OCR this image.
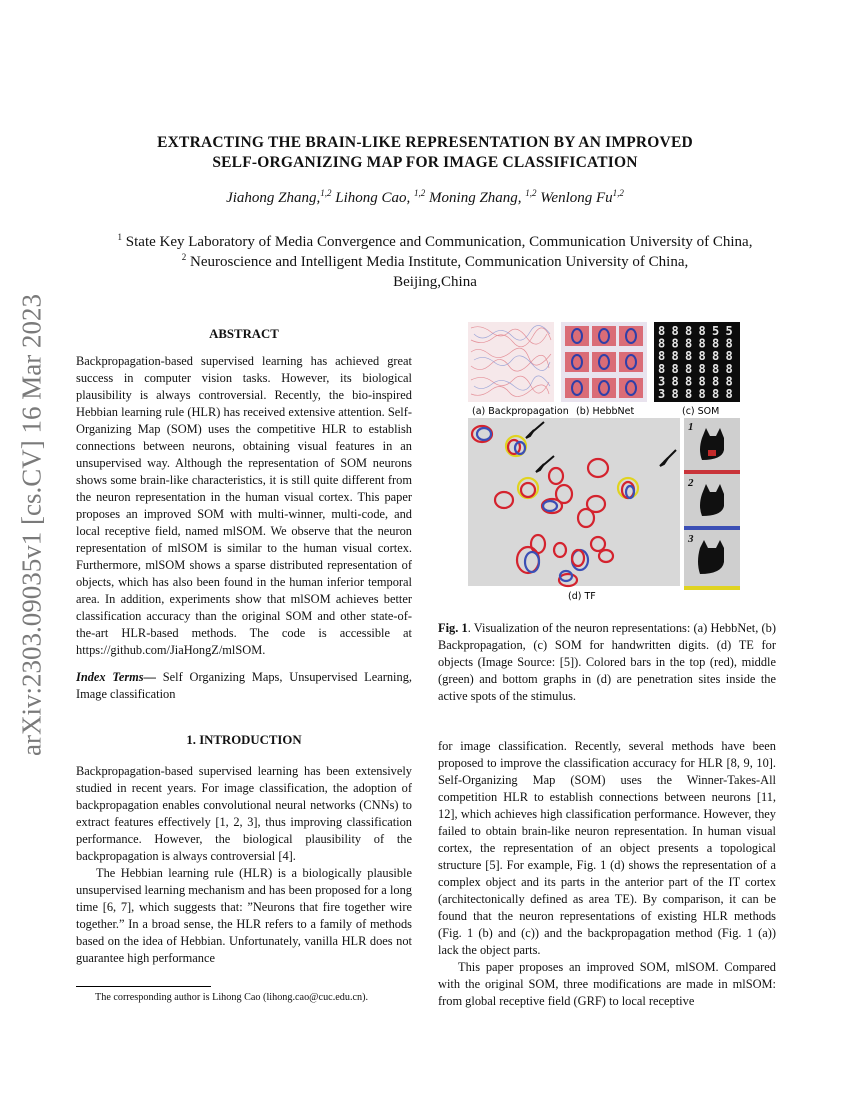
EXTRACTING THE BRAIN-LIKE REPRESENTATION BY AN IMPROVED
SELF-ORGANIZING MAP FOR IMAGE CLASSIFICATION
Jiahong Zhang,$^{1,2}$ Lihong Cao, $^{1,2}$ Moning Zhang, $^{1,2}$ Wenlong Fu$^{1,2}$
$^1$ State Key Laboratory of Media Convergence and Communication, Communication University of China,
$^2$ Neuroscience and Intelligent Media Institute, Communication University of China,
Beijing,China
arXiv:2303.09035v1 [cs.CV] 16 Mar 2023	ABSTRACT

Backpropagation-based supervised learning has achieved great success in computer vision tasks. However, its biological plausibility is always controversial. Recently, the bio-inspired Hebbian learning rule (HLR) has received extensive attention. Self-Organizing Map (SOM) uses the competitive HLR to establish connections between neurons, obtaining visual features in an unsupervised way. Although the representation of SOM neurons shows some brain-like characteristics, it is still quite different from the neuron representation in the human visual cortex. This paper proposes an improved SOM with multi-winner, multi-code, and local receptive field, named mlSOM. We observe that the neuron representation of mlSOM is similar to the human visual cortex. Furthermore, mlSOM shows a sparse distributed representation of objects, which has also been found in the human inferior temporal area. In addition, experiments show that mlSOM achieves better classification accuracy than the original SOM and other state-of-the-art HLR-based methods. The code is accessible at https://github.com/JiaHongZ/mlSOM.

Index Terms— Self Organizing Maps, Unsupervised Learning, Image classification

1. INTRODUCTION

Backpropagation-based supervised learning has been extensively studied in recent years. For image classification, the adoption of backpropagation enables convolutional neural networks (CNNs) to extract features effectively [1, 2, 3], thus improving classification performance. However, the biological plausibility of the backpropagation is always controversial [4].

The Hebbian learning rule (HLR) is a biologically plausible unsupervised learning mechanism and has been proposed for a long time [6, 7], which suggests that: ”Neurons that fire together wire together.” In a broad sense, the HLR refers to a family of methods based on the idea of Hebbian. Unfortunately, vanilla HLR does not guarantee high performance

The corresponding author is Lihong Cao (lihong.cao@cuc.edu.cn).
8 8 8 8 5 5
8 8 8 8 8 8
8 8 8 8 8 8
8 8 8 8 8 8
3 8 8 8 8 8
3 8 8 8 8 8
(a) Backpropagation (b) HebbNet	(c) SOM
1
2
3
(d) TF

Fig. 1. Visualization of the neuron representations: (a) HebbNet, (b) Backpropagation, (c) SOM for handwritten digits. (d) TE for objects (Image Source: [5]). Colored bars in the top (red), middle (green) and bottom graphs in (d) are penetration sites inside the active spots of the stimulus.

for image classification. Recently, several methods have been proposed to improve the classification accuracy for HLR [8, 9, 10]. Self-Organizing Map (SOM) uses the Winner-Takes-All competition HLR to establish connections between neurons [11, 12], which achieves high classification performance. However, they failed to obtain brain-like neuron representation. In human visual cortex, the representation of an object presents a topological structure [5]. For example, Fig. 1 (d) shows the representation of a complex object and its parts in the anterior part of the IT cortex (architectonically defined as area TE). By comparison, it can be found that the neuron representations of existing HLR methods (Fig. 1 (b) and (c)) and the backpropagation method (Fig. 1 (a)) lack the object parts.

This paper proposes an improved SOM, mlSOM. Compared with the original SOM, three modifications are made in mlSOM: from global receptive field (GRF) to local receptive
